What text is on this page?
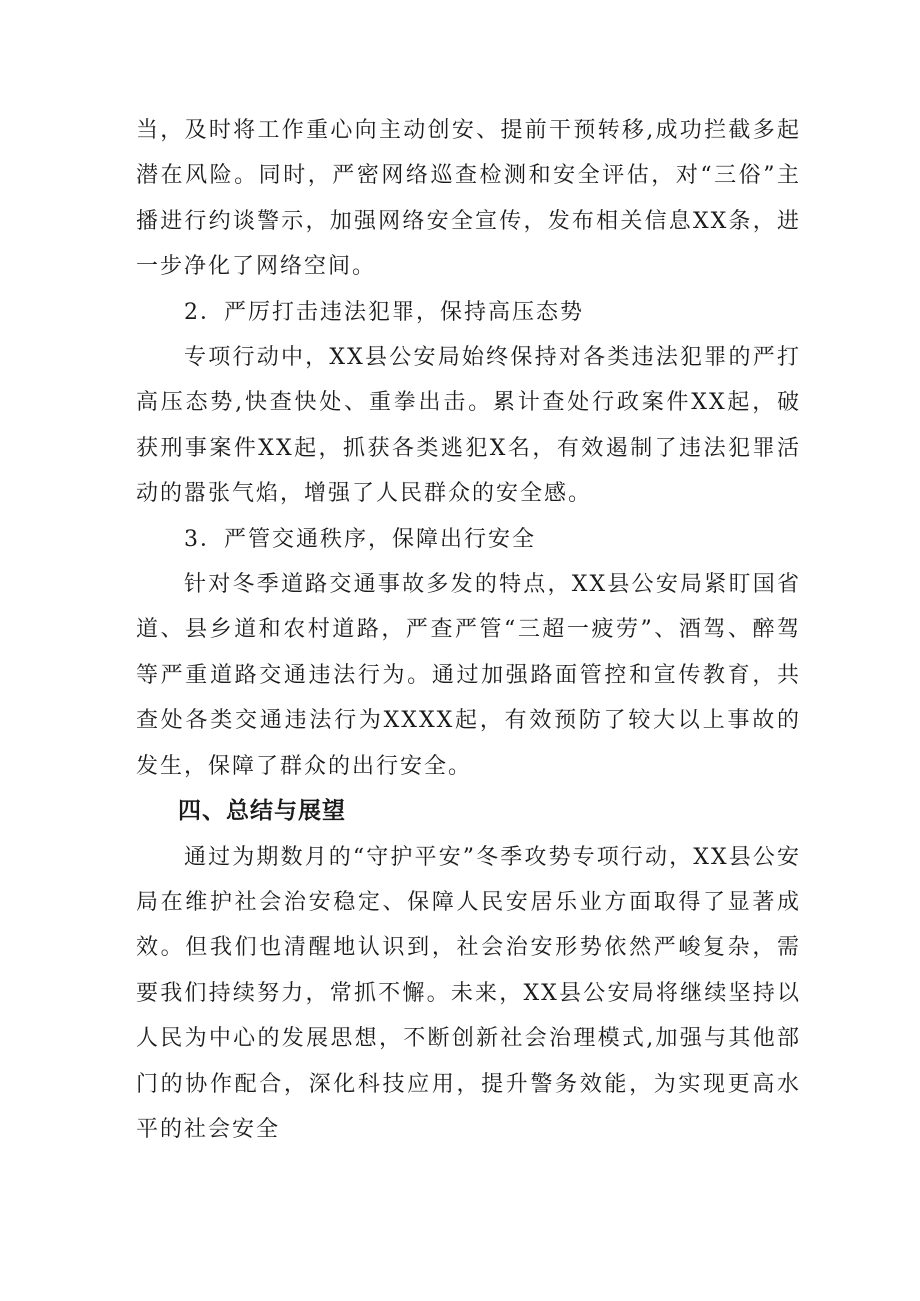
当，及时将工作重心向主动创安、提前干预转移,成功拦截多起潜在风险。同时，严密网络巡查检测和安全评估，对“三俗”主播进行约谈警示，加强网络安全宣传，发布相关信息XX条，进一步净化了网络空间。

2．严厉打击违法犯罪，保持高压态势

专项行动中，XX县公安局始终保持对各类违法犯罪的严打高压态势,快查快处、重拳出击。累计查处行政案件XX起，破获刑事案件XX起，抓获各类逃犯X名，有效遏制了违法犯罪活动的嚣张气焰，增强了人民群众的安全感。

3．严管交通秩序，保障出行安全

针对冬季道路交通事故多发的特点，XX县公安局紧盯国省道、县乡道和农村道路，严查严管“三超一疲劳”、酒驾、醉驾等严重道路交通违法行为。通过加强路面管控和宣传教育，共查处各类交通违法行为XXXX起，有效预防了较大以上事故的发生，保障了群众的出行安全。

四、总结与展望

通过为期数月的“守护平安”冬季攻势专项行动，XX县公安局在维护社会治安稳定、保障人民安居乐业方面取得了显著成效。但我们也清醒地认识到，社会治安形势依然严峻复杂，需要我们持续努力，常抓不懈。未来，XX县公安局将继续坚持以人民为中心的发展思想，不断创新社会治理模式,加强与其他部门的协作配合，深化科技应用，提升警务效能，为实现更高水平的社会安全
